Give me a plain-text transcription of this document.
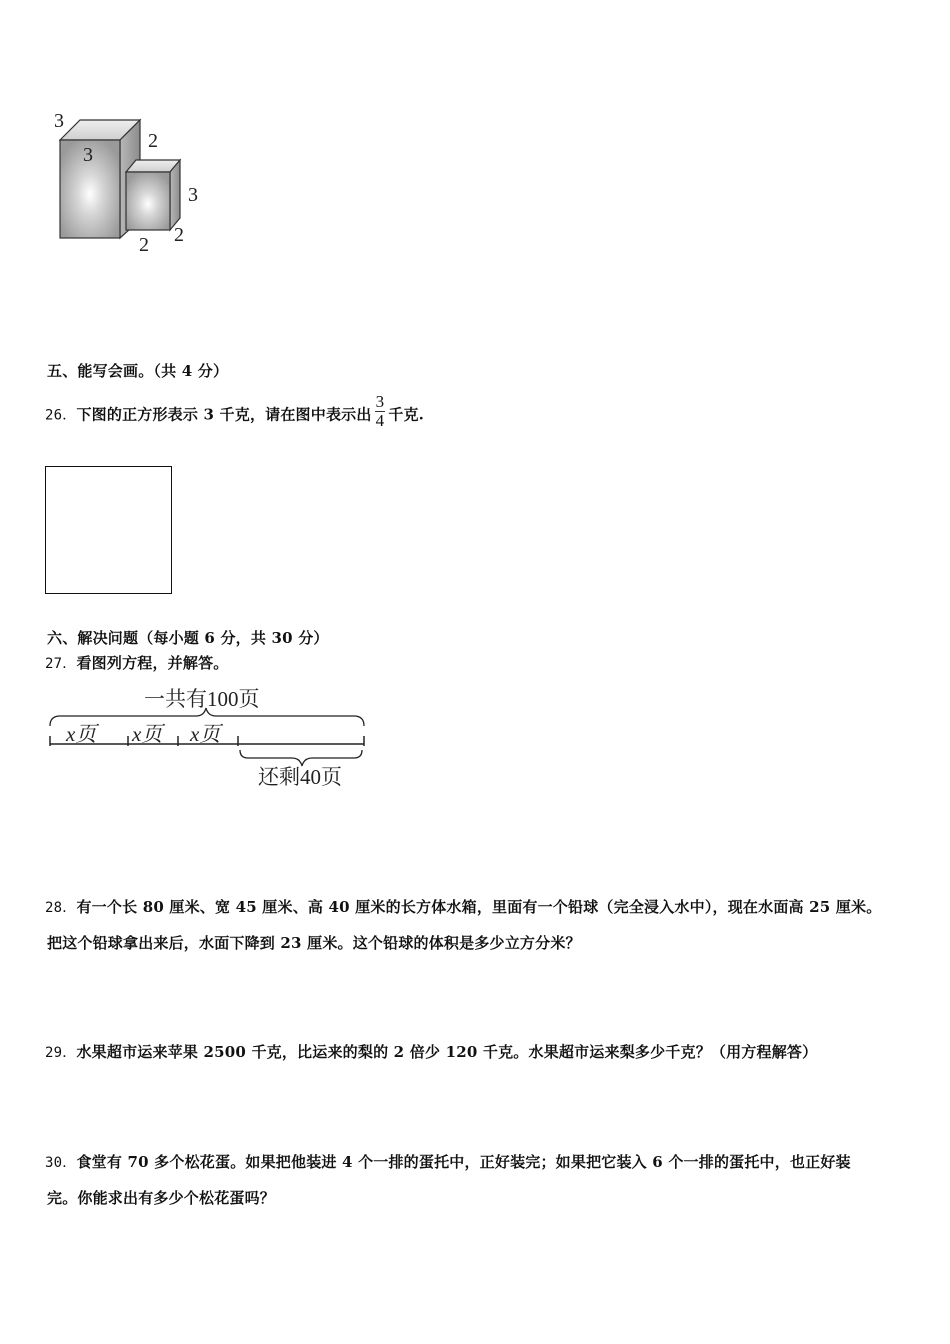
3
3
2
3
2 2
五、能写会画。（共 4 分）
26．下图的正方形表示 3 千克，请在图中表示出 $\frac{3}{4}$ 千克.
六、解决问题（每小题 6 分，共 30 分）
27．看图列方程，并解答。
一共有100页
x页 x页 x页
还剩40页
28．有一个长 80 厘米、宽 45 厘米、高 40 厘米的长方体水箱，里面有一个铅球（完全浸入水中），现在水面高 25 厘米。
把这个铅球拿出来后，水面下降到 23 厘米。这个铅球的体积是多少立方分米？
29．水果超市运来苹果 2500 千克，比运来的梨的 2 倍少 120 千克。水果超市运来梨多少千克？（用方程解答）
30．食堂有 70 多个松花蛋。如果把他装进 4 个一排的蛋托中，正好装完；如果把它装入 6 个一排的蛋托中，也正好装
完。你能求出有多少个松花蛋吗？
